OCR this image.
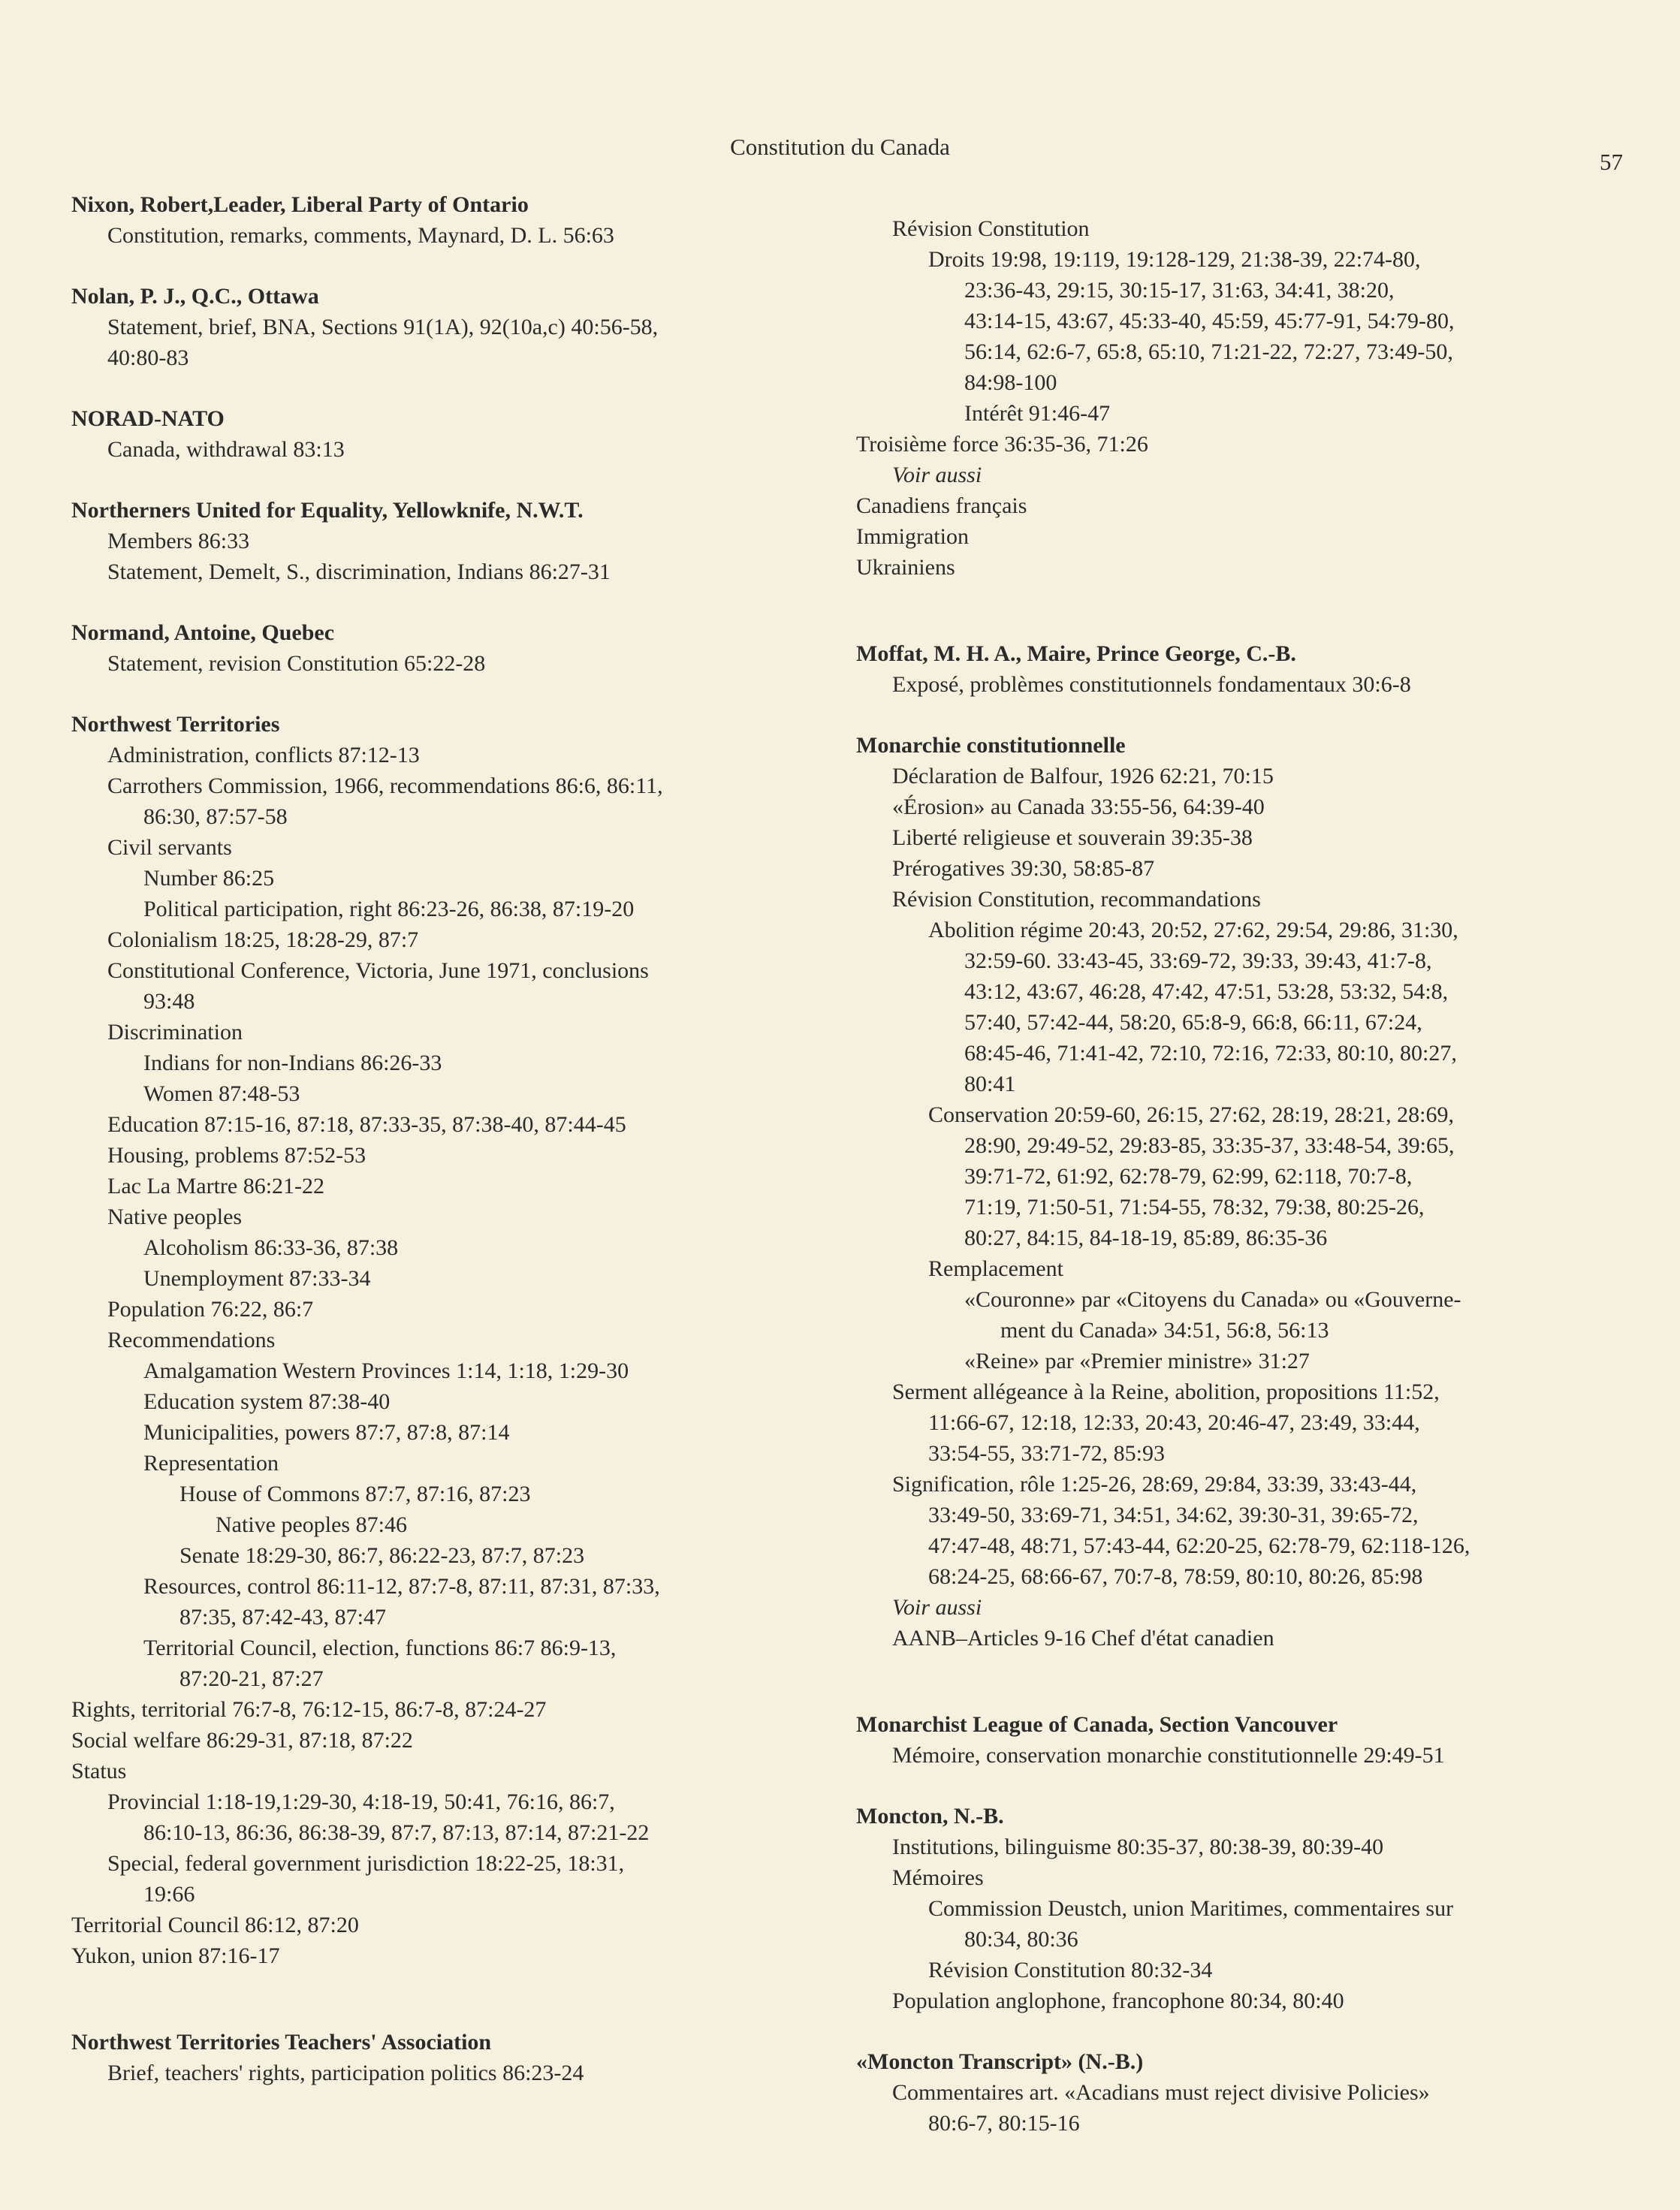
Constitution du Canada
57

Nixon, Robert,Leader, Liberal Party of Ontario

Constitution, remarks, comments, Maynard, D. L. 56:63

Nolan, P. J., Q.C., Ottawa

Statement, brief, BNA, Sections 91(1A), 92(10a,c) 40:56-58,

40:80-83

NORAD-NATO

Canada, withdrawal 83:13

Northerners United for Equality, Yellowknife, N.W.T.

Members 86:33

Statement, Demelt, S., discrimination, Indians 86:27-31

Normand, Antoine, Quebec

Statement, revision Constitution 65:22-28

Northwest Territories

Administration, conflicts 87:12-13

Carrothers Commission, 1966, recommendations 86:6, 86:11,

86:30, 87:57-58

Civil servants

Number 86:25

Political participation, right 86:23-26, 86:38, 87:19-20

Colonialism 18:25, 18:28-29, 87:7

Constitutional Conference, Victoria, June 1971, conclusions

93:48

Discrimination

Indians for non-Indians 86:26-33

Women 87:48-53

Education 87:15-16, 87:18, 87:33-35, 87:38-40, 87:44-45

Housing, problems 87:52-53

Lac La Martre 86:21-22

Native peoples

Alcoholism 86:33-36, 87:38

Unemployment 87:33-34

Population 76:22, 86:7

Recommendations

Amalgamation Western Provinces 1:14, 1:18, 1:29-30

Education system 87:38-40

Municipalities, powers 87:7, 87:8, 87:14

Representation

House of Commons 87:7, 87:16, 87:23

Native peoples 87:46

Senate 18:29-30, 86:7, 86:22-23, 87:7, 87:23

Resources, control 86:11-12, 87:7-8, 87:11, 87:31, 87:33,

87:35, 87:42-43, 87:47

Territorial Council, election, functions 86:7 86:9-13,

87:20-21, 87:27

Rights, territorial 76:7-8, 76:12-15, 86:7-8, 87:24-27

Social welfare 86:29-31, 87:18, 87:22

Status

Provincial 1:18-19,1:29-30, 4:18-19, 50:41, 76:16, 86:7,

86:10-13, 86:36, 86:38-39, 87:7, 87:13, 87:14, 87:21-22

Special, federal government jurisdiction 18:22-25, 18:31,

19:66

Territorial Council 86:12, 87:20

Yukon, union 87:16-17

Northwest Territories Teachers' Association

Brief, teachers' rights, participation politics 86:23-24

Révision Constitution

Droits 19:98, 19:119, 19:128-129, 21:38-39, 22:74-80,

23:36-43, 29:15, 30:15-17, 31:63, 34:41, 38:20,

43:14-15, 43:67, 45:33-40, 45:59, 45:77-91, 54:79-80,

56:14, 62:6-7, 65:8, 65:10, 71:21-22, 72:27, 73:49-50,

84:98-100

Intérêt 91:46-47

Troisième force 36:35-36, 71:26

Voir aussi

Canadiens français

Immigration

Ukrainiens

Moffat, M. H. A., Maire, Prince George, C.-B.

Exposé, problèmes constitutionnels fondamentaux 30:6-8

Monarchie constitutionnelle

Déclaration de Balfour, 1926 62:21, 70:15

«Érosion» au Canada 33:55-56, 64:39-40

Liberté religieuse et souverain 39:35-38

Prérogatives 39:30, 58:85-87

Révision Constitution, recommandations

Abolition régime 20:43, 20:52, 27:62, 29:54, 29:86, 31:30,

32:59-60. 33:43-45, 33:69-72, 39:33, 39:43, 41:7-8,

43:12, 43:67, 46:28, 47:42, 47:51, 53:28, 53:32, 54:8,

57:40, 57:42-44, 58:20, 65:8-9, 66:8, 66:11, 67:24,

68:45-46, 71:41-42, 72:10, 72:16, 72:33, 80:10, 80:27,

80:41

Conservation 20:59-60, 26:15, 27:62, 28:19, 28:21, 28:69,

28:90, 29:49-52, 29:83-85, 33:35-37, 33:48-54, 39:65,

39:71-72, 61:92, 62:78-79, 62:99, 62:118, 70:7-8,

71:19, 71:50-51, 71:54-55, 78:32, 79:38, 80:25-26,

80:27, 84:15, 84-18-19, 85:89, 86:35-36

Remplacement

«Couronne» par «Citoyens du Canada» ou «Gouverne-

ment du Canada» 34:51, 56:8, 56:13

«Reine» par «Premier ministre» 31:27

Serment allégeance à la Reine, abolition, propositions 11:52,

11:66-67, 12:18, 12:33, 20:43, 20:46-47, 23:49, 33:44,

33:54-55, 33:71-72, 85:93

Signification, rôle 1:25-26, 28:69, 29:84, 33:39, 33:43-44,

33:49-50, 33:69-71, 34:51, 34:62, 39:30-31, 39:65-72,

47:47-48, 48:71, 57:43-44, 62:20-25, 62:78-79, 62:118-126,

68:24-25, 68:66-67, 70:7-8, 78:59, 80:10, 80:26, 85:98

Voir aussi

AANB–Articles 9-16 Chef d'état canadien

Monarchist League of Canada, Section Vancouver

Mémoire, conservation monarchie constitutionnelle 29:49-51

Moncton, N.-B.

Institutions, bilinguisme 80:35-37, 80:38-39, 80:39-40

Mémoires

Commission Deustch, union Maritimes, commentaires sur

80:34, 80:36

Révision Constitution 80:32-34

Population anglophone, francophone 80:34, 80:40

«Moncton Transcript» (N.-B.)

Commentaires art. «Acadians must reject divisive Policies»

80:6-7, 80:15-16
